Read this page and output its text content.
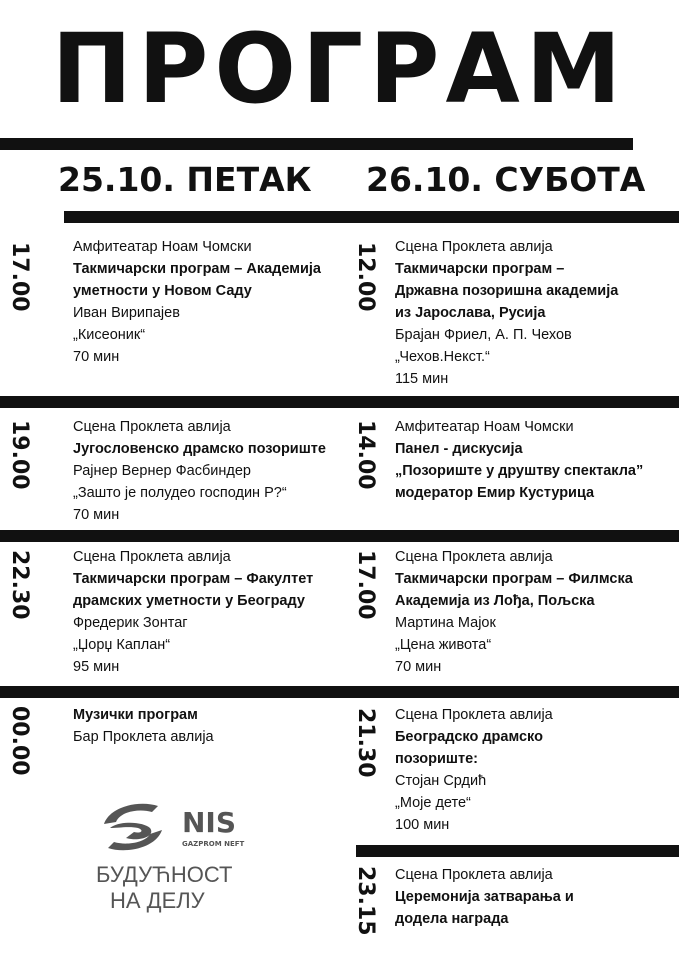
ПРОГРАМ
25.10. ПЕТАК 26.10. СУБОТА
17.00	Амфитеатар Ноам Чомски
Такмичарски програм – Академија
уметности у Новом Саду
Иван Вирипајев
„Кисеоник“
70 мин
19.00	Сцена Проклета авлија
Југословенско драмско позориште
Рајнер Вернер Фасбиндер
„Зашто је полудео господин Р?“
70 мин
22.30	Сцена Проклета авлија
Такмичарски програм – Факултет
драмских уметности у Београду
Фредерик Зонтаг
„Џорџ Каплан“
95 мин
00.00	Музички програм
Бар Проклета авлија
12.00 Сцена Проклета авлија
Такмичарски програм –
Државна позоришна академија
из Јарослава, Русија
Брајан Фриел, А. П. Чехов
„Чехов.Некст.“
115 мин
14.00 Амфитеатар Ноам Чомски
Панел - дискусија
„Позориште у друштву спектакла”
модератор Емир Кустурица
17.00 Сцена Проклета авлија
Такмичарски програм – Филмска
Академија из Лођа, Пољска
Мартина Мајок
„Цена живота“
70 мин
21.30 Сцена Проклета авлија
Београдско драмско
позориште:
Стојан Срдић
„Моје дете“
100 мин
23.15 Сцена Проклета авлија
Церемонија затварања и
додела награда
NIS
GAZPROM NEFT
БУДУЋНОСТ
НА ДЕЛУ
